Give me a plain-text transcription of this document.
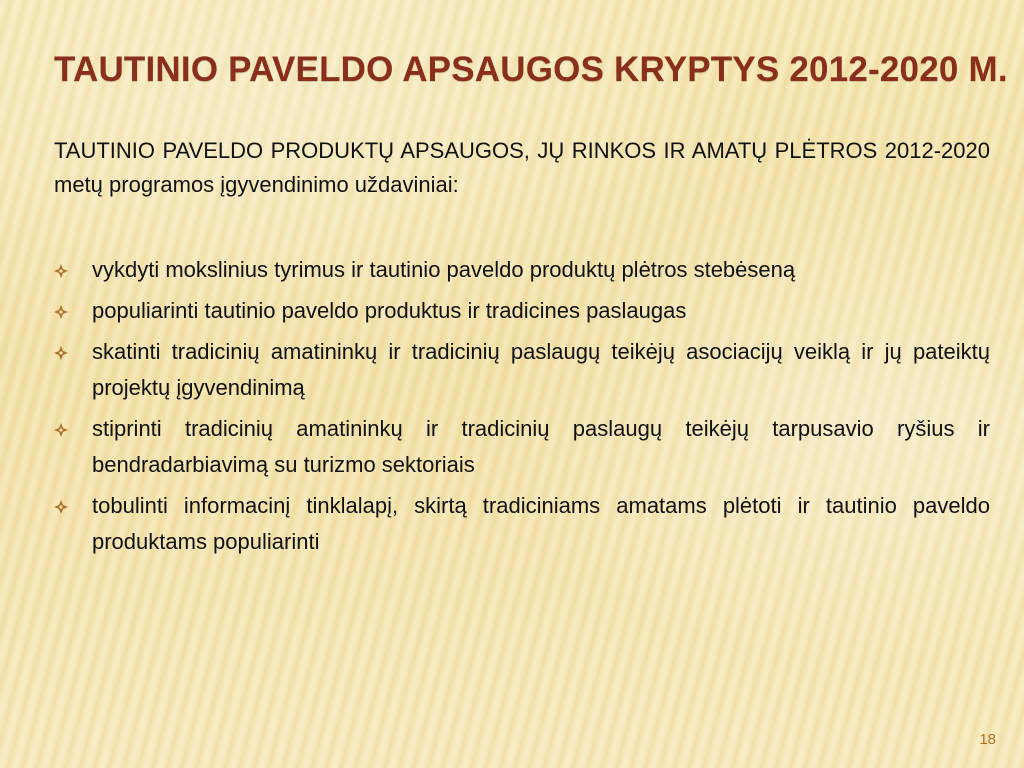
TAUTINIO PAVELDO APSAUGOS KRYPTYS 2012-2020 M.

TAUTINIO PAVELDO PRODUKTŲ APSAUGOS, JŲ RINKOS IR AMATŲ PLĖTROS 2012-2020 metų programos įgyvendinimo uždaviniai:

vykdyti mokslinius tyrimus ir tautinio paveldo produktų plėtros stebėseną
populiarinti tautinio paveldo produktus ir tradicines paslaugas
skatinti tradicinių amatininkų ir tradicinių paslaugų teikėjų asociacijų veiklą ir jų pateiktų projektų įgyvendinimą
stiprinti tradicinių amatininkų ir tradicinių paslaugų teikėjų tarpusavio ryšius ir bendradarbiavimą su turizmo sektoriais
tobulinti informacinį tinklalapį, skirtą tradiciniams amatams plėtoti ir tautinio paveldo produktams populiarinti
18
